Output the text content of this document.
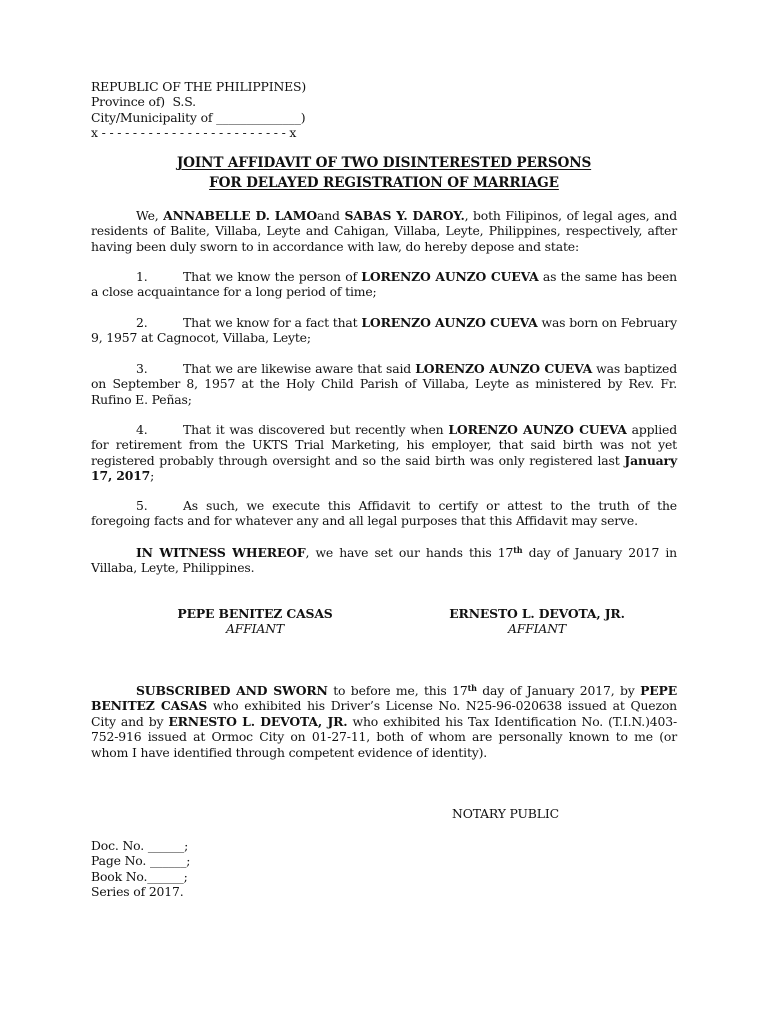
REPUBLIC OF THE PHILIPPINES)
Province of)  S.S.
City/Municipality of ______________)
x - - - - - - - - - - - - - - - - - - - - - - - - x
JOINT AFFIDAVIT OF TWO DISINTERESTED PERSONS
FOR DELAYED REGISTRATION OF MARRIAGE
We, ANNABELLE D. LAMOand SABAS Y. DAROY., both Filipinos, of legal ages, and residents of Balite, Villaba, Leyte and Cahigan, Villaba, Leyte, Philippines, respectively, after having been duly sworn to in accordance with law, do hereby depose and state:
1.	That we know the person of LORENZO AUNZO CUEVA as the same has been a close acquaintance for a long period of time;
2.	That we know for a fact that LORENZO AUNZO CUEVA was born on February 9, 1957 at Cagnocot, Villaba, Leyte;
3.	That we are likewise aware that said LORENZO AUNZO CUEVA was baptized on September 8, 1957 at the Holy Child Parish of Villaba, Leyte as ministered by Rev. Fr. Rufino E. Peñas;
4.	That it was discovered but recently when LORENZO AUNZO CUEVA applied for retirement from the UKTS Trial Marketing, his employer, that said birth was not yet registered probably through oversight and so the said birth was only registered last January 17, 2017;
5.	As such, we execute this Affidavit to certify or attest to the truth of the foregoing facts and for whatever any and all legal purposes that this Affidavit may serve.
IN WITNESS WHEREOF, we have set our hands this 17th day of January 2017 in Villaba, Leyte, Philippines.
PEPE BENITEZ CASAS
AFFIANT
ERNESTO L. DEVOTA, JR.
AFFIANT
SUBSCRIBED AND SWORN to before me, this 17th day of January 2017, by PEPE BENITEZ CASAS who exhibited his Driver’s License No. N25-96-020638 issued at Quezon City and by ERNESTO L. DEVOTA, JR. who exhibited his Tax Identification No. (T.I.N.)403-752-916 issued at Ormoc City on 01-27-11, both of whom are personally known to me (or whom I have identified through competent evidence of identity).
NOTARY PUBLIC
Doc. No. ______;
Page No. ______;
Book No.______;
Series of 2017.
